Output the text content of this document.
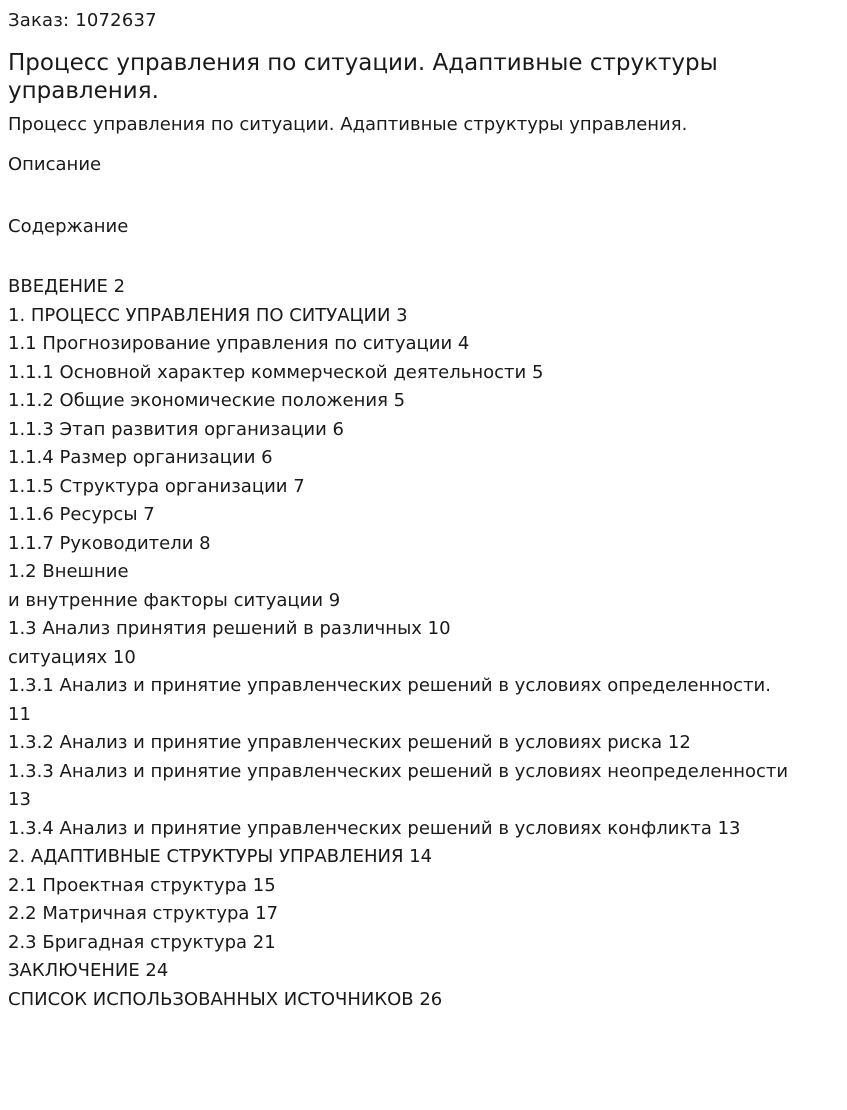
Заказ: 1072637

Процесс управления по ситуации. Адаптивные структуры управления.

Процесс управления по ситуации. Адаптивные структуры управления.

Описание

Содержание

ВВЕДЕНИЕ 2
1. ПРОЦЕСС УПРАВЛЕНИЯ ПО СИТУАЦИИ 3
1.1 Прогнозирование управления по ситуации 4
1.1.1 Основной характер коммерческой деятельности 5
1.1.2 Общие экономические положения 5
1.1.3 Этап развития организации 6
1.1.4 Размер организации 6
1.1.5 Структура организации 7
1.1.6 Ресурсы 7
1.1.7 Руководители 8
1.2 Внешние
и внутренние факторы ситуации 9
1.3 Анализ принятия решений в различных 10
ситуациях 10
1.3.1 Анализ и принятие управленческих решений в условиях определенности.
11
1.3.2 Анализ и принятие управленческих решений в условиях риска 12
1.3.3 Анализ и принятие управленческих решений в условиях неопределенности
13
1.3.4 Анализ и принятие управленческих решений в условиях конфликта 13
2. АДАПТИВНЫЕ СТРУКТУРЫ УПРАВЛЕНИЯ 14
2.1 Проектная структура 15
2.2 Матричная структура 17
2.3 Бригадная структура 21
ЗАКЛЮЧЕНИЕ 24
СПИСОК ИСПОЛЬЗОВАННЫХ ИСТОЧНИКОВ 26
